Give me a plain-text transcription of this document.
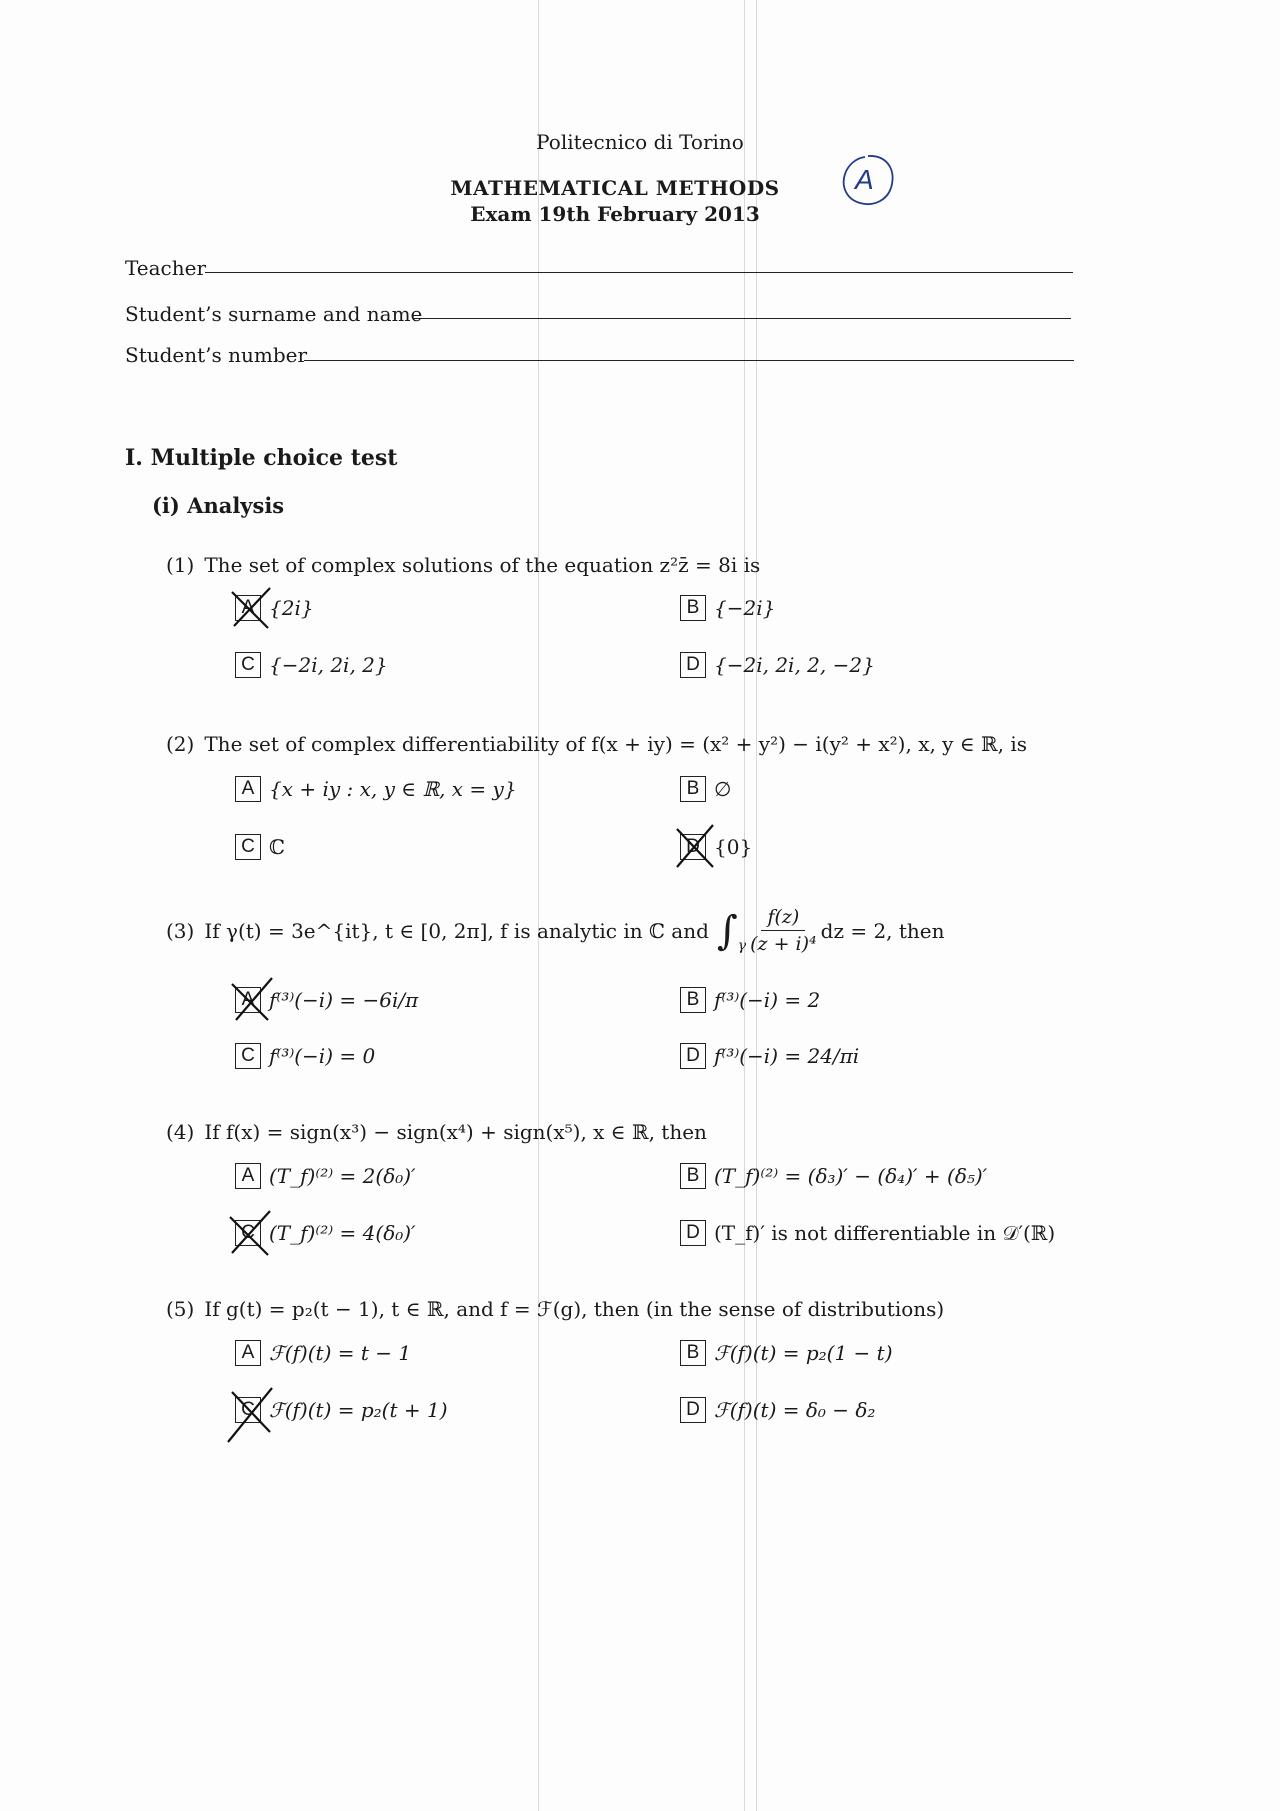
Politecnico di Torino
MATHEMATICAL METHODS
Exam 19th February 2013
A
Teacher
Student’s surname and name
Student’s number
I. Multiple choice test
(i) Analysis
(1) The set of complex solutions of the equation z²z̄ = 8i is
A {2i}	B {−2i}
C {−2i, 2i, 2}	D {−2i, 2i, 2, −2}
(2) The set of complex differentiability of f(x + iy) = (x² + y²) − i(y² + x²), x, y ∈ ℝ, is
A {x + iy : x, y ∈ ℝ, x = y}	B ∅
C ℂ	D {0}
(3) If γ(t) = 3e^{it}, t ∈ [0, 2π], f is analytic in ℂ and ∫ γ $\frac{f(z)}{\text{(z + i)⁴}}$ dz = 2, then
A f⁽³⁾(−i) = −6i/π	B f⁽³⁾(−i) = 2
C f⁽³⁾(−i) = 0	D f⁽³⁾(−i) = 24/πi
(4) If f(x) = sign(x³) − sign(x⁴) + sign(x⁵), x ∈ ℝ, then
A (T_f)⁽²⁾ = 2(δ₀)′	B (T_f)⁽²⁾ = (δ₃)′ − (δ₄)′ + (δ₅)′
C (T_f)⁽²⁾ = 4(δ₀)′	D (T_f)′ is not differentiable in 𝒟′(ℝ)
(5) If g(t) = p₂(t − 1), t ∈ ℝ, and f = ℱ(g), then (in the sense of distributions)
A ℱ(f)(t) = t − 1	B ℱ(f)(t) = p₂(1 − t)
C ℱ(f)(t) = p₂(t + 1)	D ℱ(f)(t) = δ₀ − δ₂
